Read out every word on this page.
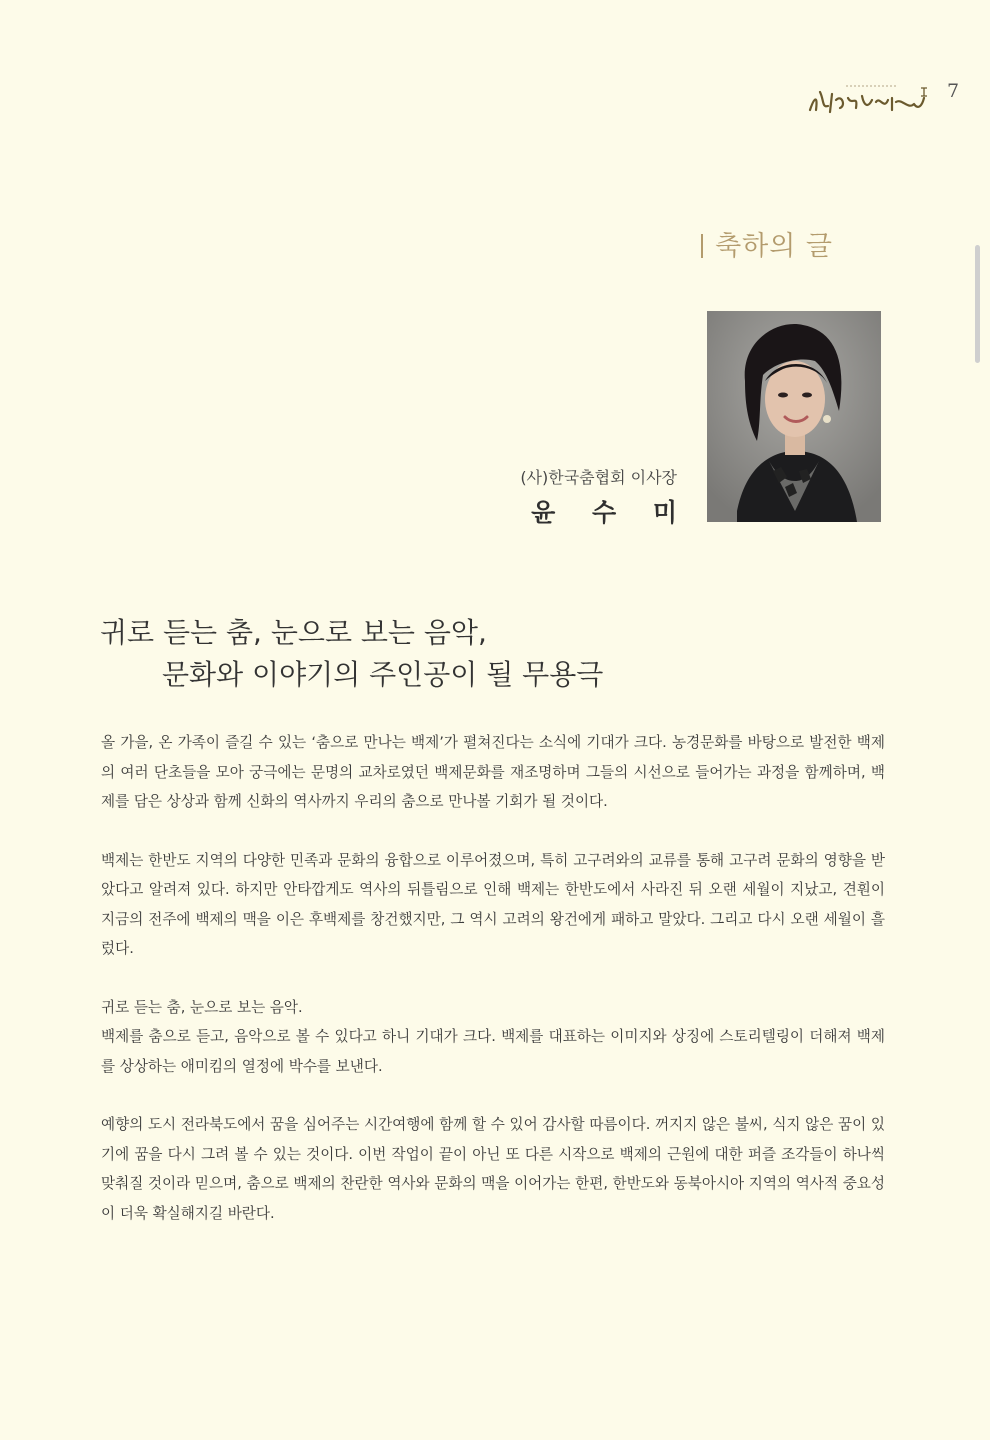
7
축하의 글
(사)한국춤협회 이사장
윤 수 미
귀로 듣는 춤, 눈으로 보는 음악,

문화와 이야기의 주인공이 될 무용극

올 가을, 온 가족이 즐길 수 있는 ‘춤으로 만나는 백제’가 펼쳐진다는 소식에 기대가 크다. 농경문화를 바탕으로 발전한 백제의 여러 단초들을 모아 궁극에는 문명의 교차로였던 백제문화를 재조명하며 그들의 시선으로 들어가는 과정을 함께하며, 백제를 담은 상상과 함께 신화의 역사까지 우리의 춤으로 만나볼 기회가 될 것이다.

백제는 한반도 지역의 다양한 민족과 문화의 융합으로 이루어졌으며, 특히 고구려와의 교류를 통해 고구려 문화의 영향을 받았다고 알려져 있다. 하지만 안타깝게도 역사의 뒤틀림으로 인해 백제는 한반도에서 사라진 뒤 오랜 세월이 지났고, 견훤이 지금의 전주에 백제의 맥을 이은 후백제를 창건했지만, 그 역시 고려의 왕건에게 패하고 말았다. 그리고 다시 오랜 세월이 흘렀다.

귀로 듣는 춤, 눈으로 보는 음악.
백제를 춤으로 듣고, 음악으로 볼 수 있다고 하니 기대가 크다. 백제를 대표하는 이미지와 상징에 스토리텔링이 더해져 백제를 상상하는 애미킴의 열정에 박수를 보낸다.

예향의 도시 전라북도에서 꿈을 심어주는 시간여행에 함께 할 수 있어 감사할 따름이다. 꺼지지 않은 불씨, 식지 않은 꿈이 있기에 꿈을 다시 그려 볼 수 있는 것이다. 이번 작업이 끝이 아닌 또 다른 시작으로 백제의 근원에 대한 퍼즐 조각들이 하나씩 맞춰질 것이라 믿으며, 춤으로 백제의 찬란한 역사와 문화의 맥을 이어가는 한편, 한반도와 동북아시아 지역의 역사적 중요성이 더욱 확실해지길 바란다.
